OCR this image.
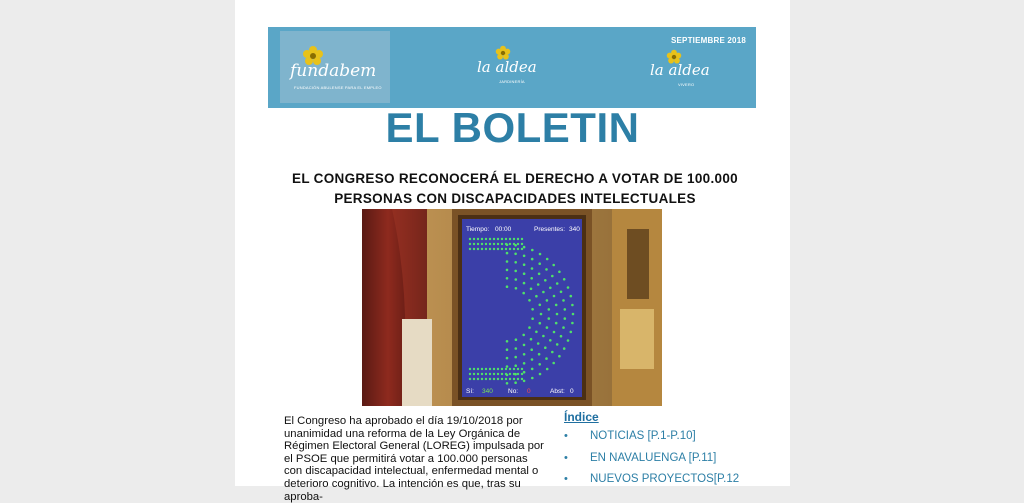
fundabem
FUNDACIÓN ABULENSE PARA EL EMPLEO
la aldea
JARDINERÍA
la aldea
VIVERO
SEPTIEMBRE 2018
EL BOLETIN
EL CONGRESO RECONOCERÁ EL DERECHO A VOTAR DE 100.000 PERSONAS CON DISCAPACIDADES INTELECTUALES
Tiempo: 00:00	Presentes: 340
Sí: 340 No: 0	Abst: 0
El Congreso ha aprobado el día 19/10/2018 por unanimidad una reforma de la Ley Orgánica de Régimen Electoral General (LOREG) impulsada por el PSOE que permitirá votar a 100.000 personas con discapacidad intelectual, enfermedad mental o deterioro cognitivo. La intención es que, tras su aproba-
Índice
• NOTICIAS [P.1-P.10]
• EN NAVALUENGA [P.11]
• NUEVOS PROYECTOS[P.12
